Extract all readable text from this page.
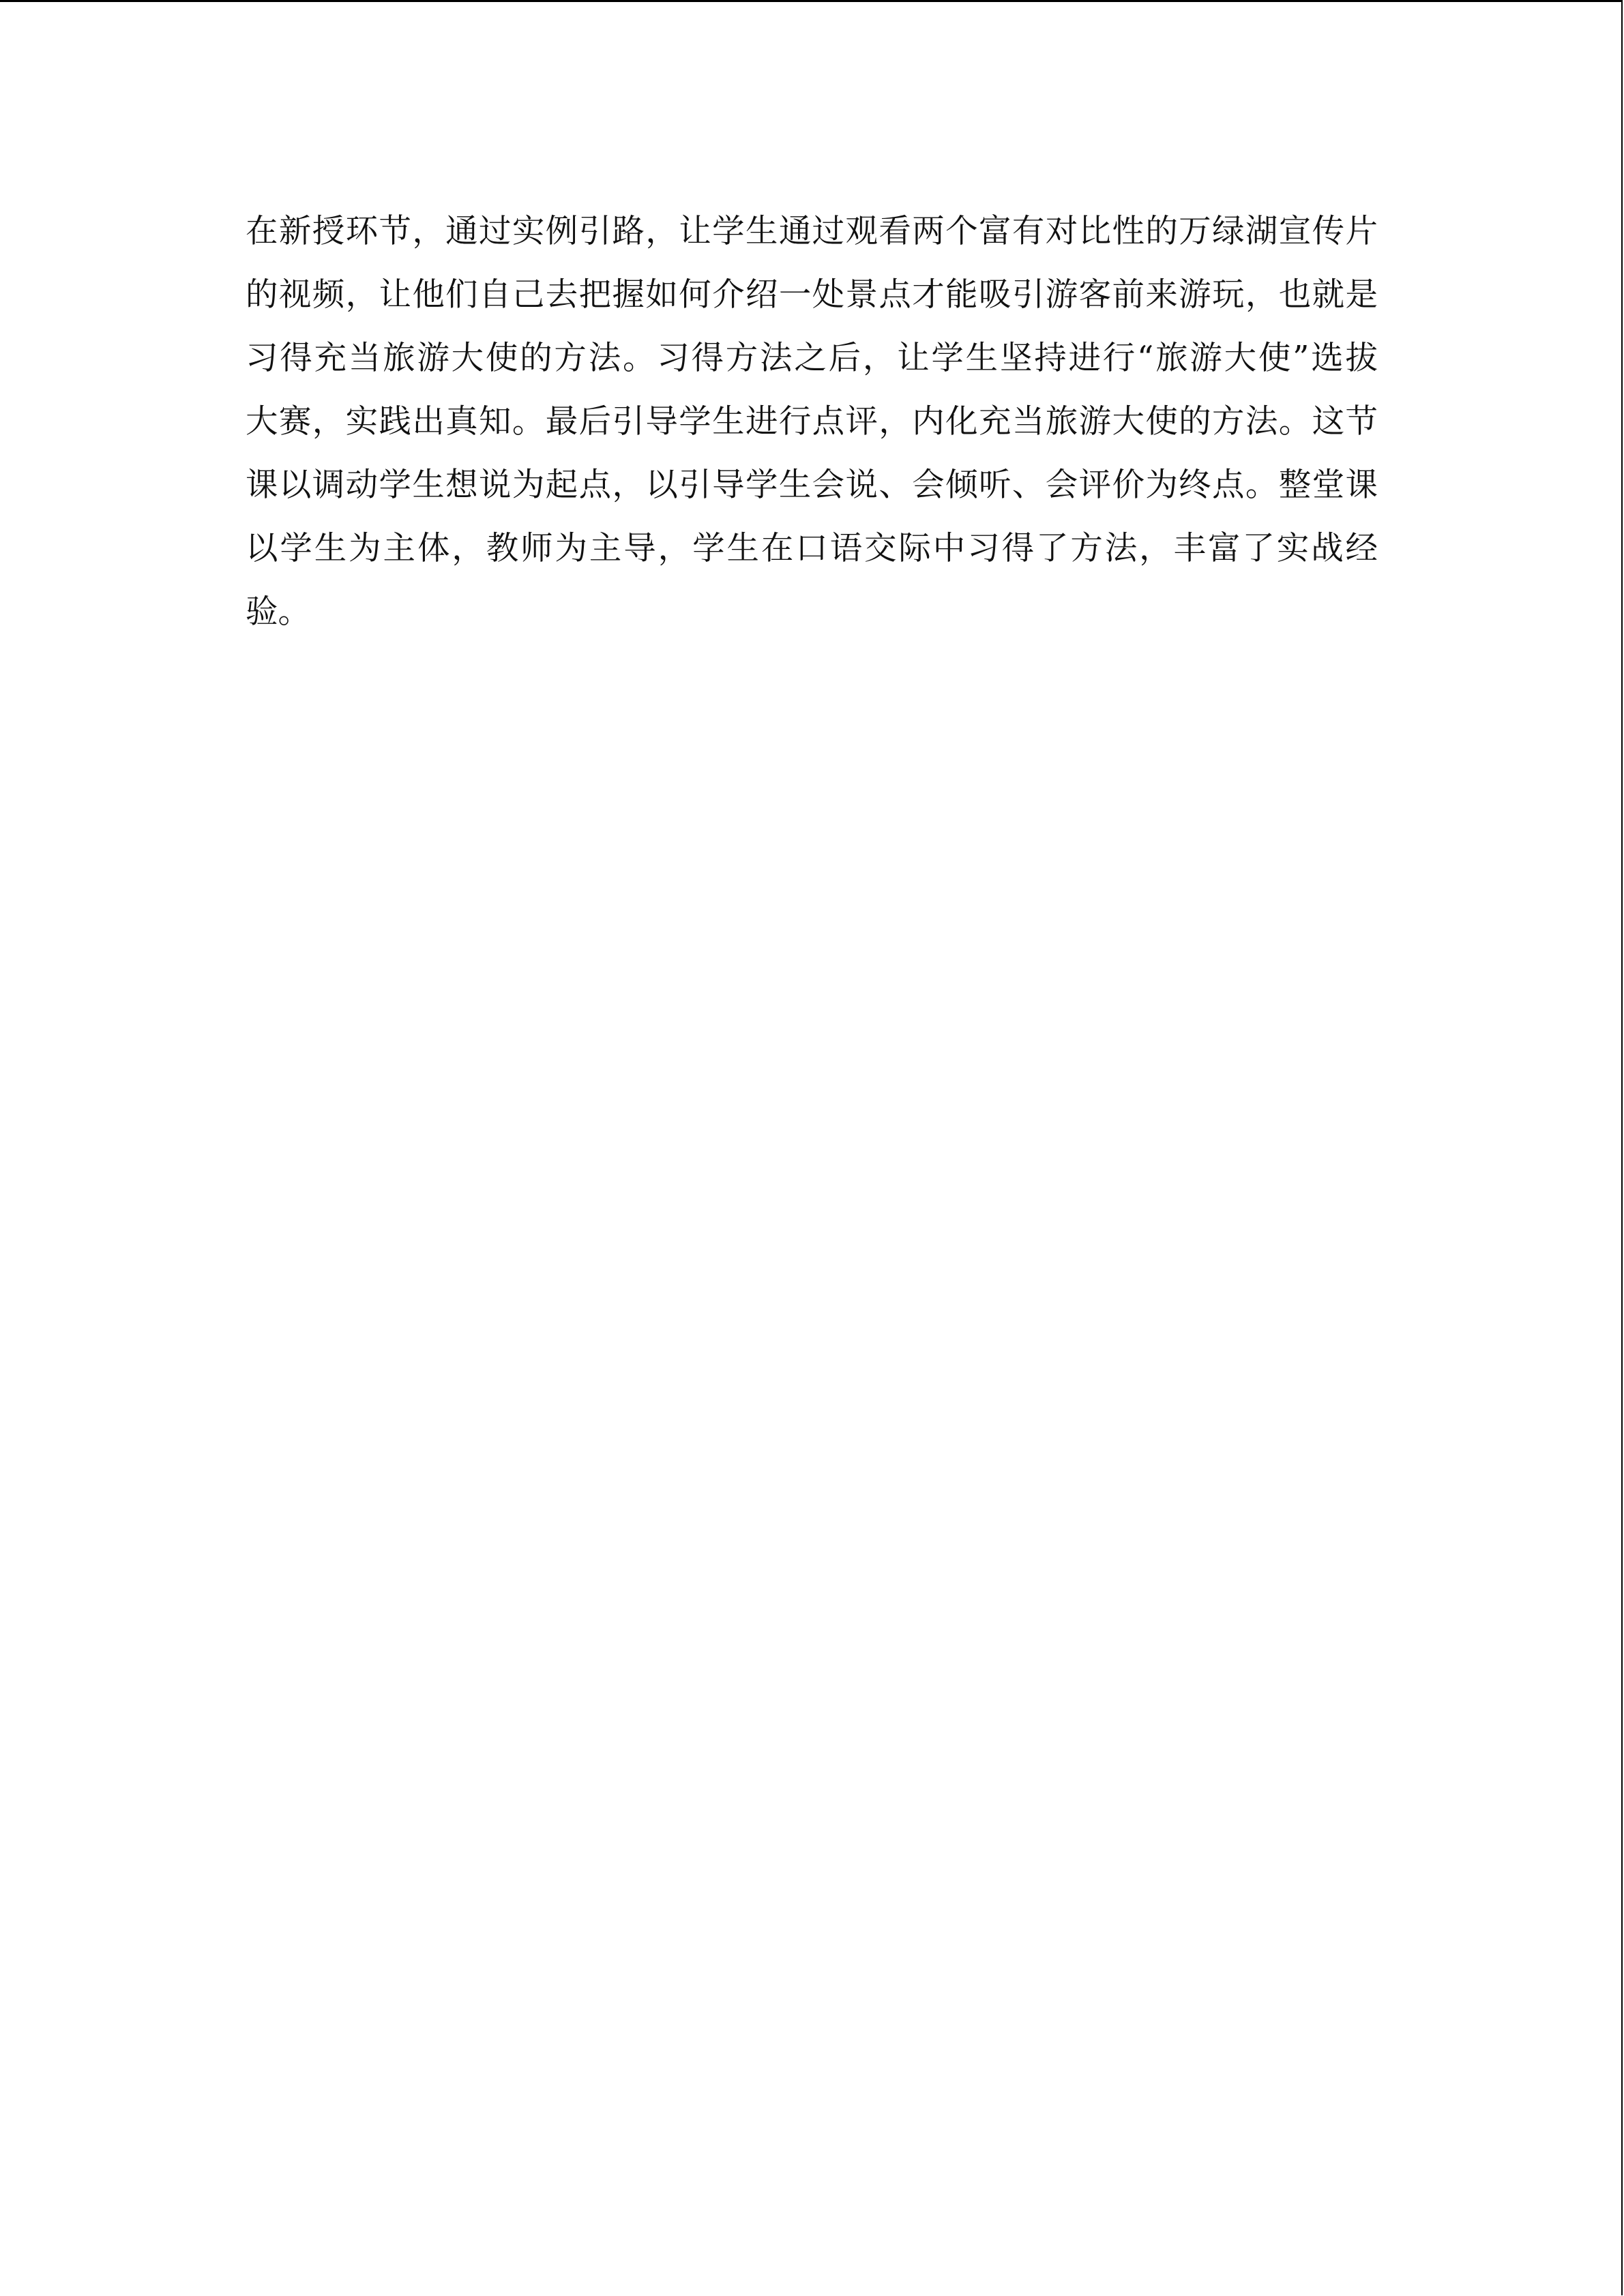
在新授环节，通过实例引路，让学生通过观看两个富有对比性的万绿湖宣传片
的视频，让他们自己去把握如何介绍一处景点才能吸引游客前来游玩，也就是
习得充当旅游大使的方法。习得方法之后，让学生坚持进行“旅游大使”选拔
大赛，实践出真知。最后引导学生进行点评，内化充当旅游大使的方法。这节
课以调动学生想说为起点，以引导学生会说、会倾听、会评价为终点。整堂课
以学生为主体，教师为主导，学生在口语交际中习得了方法，丰富了实战经
验。
